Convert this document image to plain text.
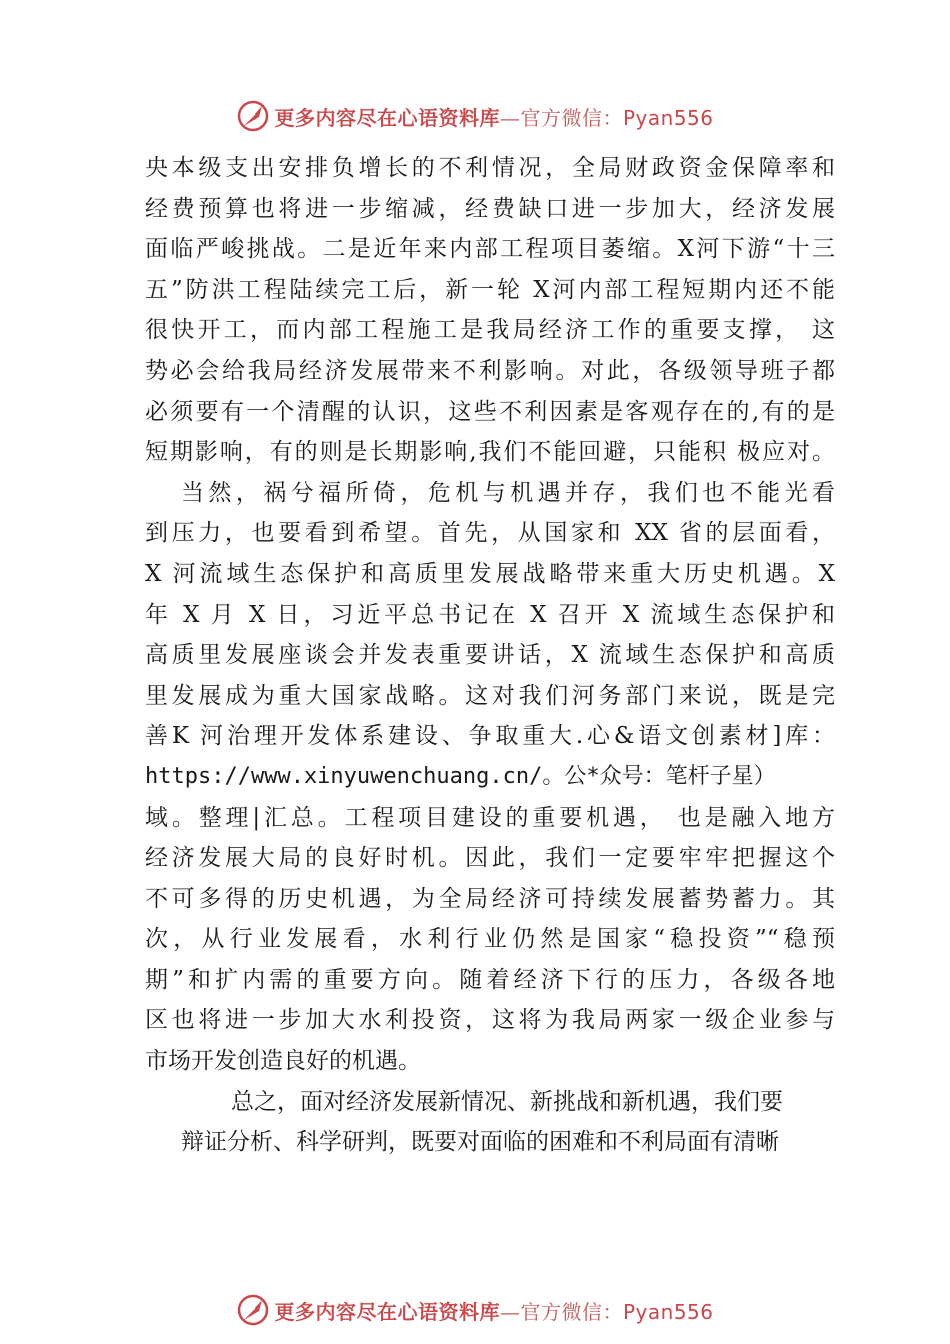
更多内容尽在心语资料库—官方微信：Pyan556
央本级支出安排负增长的不利情况，全局财政资金保障率和
经费预算也将进一步缩减，经费缺口进一步加大，经济发展
面临严峻挑战。二是近年来内部工程项目萎缩。X河下游“十三
五”防洪工程陆续完工后，新一轮 X河内部工程短期内还不能
很快开工，而内部工程施工是我局经济工作的重要支撑， 这
势必会给我局经济发展带来不利影响。对此，各级领导班子都
必须要有一个清醒的认识，这些不利因素是客观存在的,有的是
短期影响，有的则是长期影响,我们不能回避，只能积 极应对。
当然，祸兮福所倚，危机与机遇并存，我们也不能光看
到压力，也要看到希望。首先，从国家和 XX 省的层面看，
X 河流域生态保护和高质里发展战略带来重大历史机遇。X
年 X 月 X 日，习近平总书记在 X 召开 X 流域生态保护和
高质里发展座谈会并发表重要讲话，X 流域生态保护和高质
里发展成为重大国家战略。这对我们河务部门来说，既是完
善K 河治理开发体系建设、争取重大.心&语文创素材]库：
https://www.xinyuwenchuang.cn/。公*众号：笔杆子星）
域。整理|汇总。工程项目建设的重要机遇， 也是融入地方
经济发展大局的良好时机。因此，我们一定要牢牢把握这个
不可多得的历史机遇，为全局经济可持续发展蓄势蓄力。其
次，从行业发展看，水利行业仍然是国家“稳投资”“稳预
期”和扩内需的重要方向。随着经济下行的压力，各级各地
区也将进一步加大水利投资，这将为我局两家一级企业参与
市场开发创造良好的机遇。
总之，面对经济发展新情况、新挑战和新机遇，我们要
辩证分析、科学研判，既要对面临的困难和不利局面有清晰
更多内容尽在心语资料库—官方微信：Pyan556
